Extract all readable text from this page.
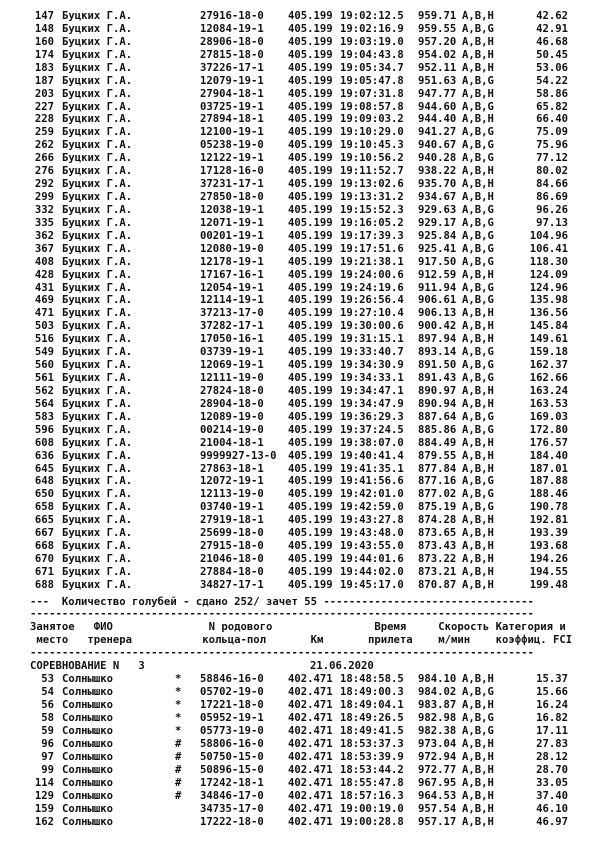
147 Буцких Г.А.	27916-18-0 405.199 19:02:12.5 959.71 A,B,H	42.62
148 Буцких Г.А.	12084-19-1 405.199 19:02:16.9 959.55 A,B,G	42.91
160 Буцких Г.А.	28906-18-0 405.199 19:03:19.0 957.20 A,B,H	46.68
174 Буцких Г.А.	27815-18-0 405.199 19:04:43.8 954.02 A,B,H	50.45
183 Буцких Г.А.	37226-17-1 405.199 19:05:34.7 952.11 A,B,H	53.06
187 Буцких Г.А.	12079-19-1 405.199 19:05:47.8 951.63 A,B,G	54.22
203 Буцких Г.А.	27904-18-1 405.199 19:07:31.8 947.77 A,B,H	58.86
227 Буцких Г.А.	03725-19-1 405.199 19:08:57.8 944.60 A,B,G	65.82
228 Буцких Г.А.	27894-18-1 405.199 19:09:03.2 944.40 A,B,H	66.40
259 Буцких Г.А.	12100-19-1 405.199 19:10:29.0 941.27 A,B,G	75.09
262 Буцких Г.А.	05238-19-0 405.199 19:10:45.3 940.67 A,B,G	75.96
266 Буцких Г.А.	12122-19-1 405.199 19:10:56.2 940.28 A,B,G	77.12
276 Буцких Г.А.	17128-16-0 405.199 19:11:52.7 938.22 A,B,H	80.02
292 Буцких Г.А.	37231-17-1 405.199 19:13:02.6 935.70 A,B,H	84.66
299 Буцких Г.А.	27850-18-0 405.199 19:13:31.2 934.67 A,B,H	86.69
332 Буцких Г.А.	12038-19-1 405.199 19:15:52.3 929.63 A,B,G	96.26
335 Буцких Г.А.	12071-19-1 405.199 19:16:05.2 929.17 A,B,G	97.13
362 Буцких Г.А.	00201-19-1 405.199 19:17:39.3 925.84 A,B,G	104.96
367 Буцких Г.А.	12080-19-0 405.199 19:17:51.6 925.41 A,B,G	106.41
408 Буцких Г.А.	12178-19-1 405.199 19:21:38.1 917.50 A,B,G	118.30
428 Буцких Г.А.	17167-16-1 405.199 19:24:00.6 912.59 A,B,H	124.09
431 Буцких Г.А.	12054-19-1 405.199 19:24:19.6 911.94 A,B,G	124.96
469 Буцких Г.А.	12114-19-1 405.199 19:26:56.4 906.61 A,B,G	135.98
471 Буцких Г.А.	37213-17-0 405.199 19:27:10.4 906.13 A,B,H	136.56
503 Буцких Г.А.	37282-17-1 405.199 19:30:00.6 900.42 A,B,H	145.84
516 Буцких Г.А.	17050-16-1 405.199 19:31:15.1 897.94 A,B,H	149.61
549 Буцких Г.А.	03739-19-1 405.199 19:33:40.7 893.14 A,B,G	159.18
560 Буцких Г.А.	12069-19-1 405.199 19:34:30.9 891.50 A,B,G	162.37
561 Буцких Г.А.	12111-19-0 405.199 19:34:33.1 891.43 A,B,G	162.66
562 Буцких Г.А.	27824-18-0 405.199 19:34:47.1 890.97 A,B,H	163.24
564 Буцких Г.А.	28904-18-0 405.199 19:34:47.9 890.94 A,B,H	163.53
583 Буцких Г.А.	12089-19-0 405.199 19:36:29.3 887.64 A,B,G	169.03
596 Буцких Г.А.	00214-19-0 405.199 19:37:24.5 885.86 A,B,G	172.80
608 Буцких Г.А.	21004-18-1 405.199 19:38:07.0 884.49 A,B,H	176.57
636 Буцких Г.А.	9999927-13-0 405.199 19:40:41.4 879.55 A,B,H	184.40
645 Буцких Г.А.	27863-18-1 405.199 19:41:35.1 877.84 A,B,H	187.01
648 Буцких Г.А.	12072-19-1 405.199 19:41:56.6 877.16 A,B,G	187.88
650 Буцких Г.А.	12113-19-0 405.199 19:42:01.0 877.02 A,B,G	188.46
658 Буцких Г.А.	03740-19-1 405.199 19:42:59.0 875.19 A,B,G	190.78
665 Буцких Г.А.	27919-18-1 405.199 19:43:27.8 874.28 A,B,H	192.81
667 Буцких Г.А.	25699-18-0 405.199 19:43:48.0 873.65 A,B,H	193.39
668 Буцких Г.А.	27915-18-0 405.199 19:43:55.0 873.43 A,B,H	193.68
670 Буцких Г.А.	21046-18-0 405.199 19:44:01.6 873.22 A,B,H	194.26
671 Буцких Г.А.	27884-18-0 405.199 19:44:02.0 873.21 A,B,H	194.55
688 Буцких Г.А.	34827-17-1 405.199 19:45:17.0 870.87 A,B,H	199.48
53 Солнышко	* 58846-16-0 402.471 18:48:58.5 984.10 A,B,H	15.37
54 Солнышко	* 05702-19-0 402.471 18:49:00.3 984.02 A,B,G	15.66
56 Солнышко	* 17221-18-0 402.471 18:49:04.1 983.87 A,B,H	16.24
58 Солнышко	* 05952-19-1 402.471 18:49:26.5 982.98 A,B,G	16.82
59 Солнышко	* 05773-19-0 402.471 18:49:41.5 982.38 A,B,G	17.11
96 Солнышко	# 58806-16-0 402.471 18:53:37.3 973.04 A,B,H	27.83
97 Солнышко	# 50750-15-0 402.471 18:53:39.9 972.94 A,B,H	28.12
99 Солнышко	# 50896-15-0 402.471 18:53:44.2 972.77 A,B,H	28.70
114 Солнышко	# 17242-18-1 402.471 18:55:47.8 967.95 A,B,H	33.05
129 Солнышко	# 34846-17-0 402.471 18:57:16.3 964.53 A,B,H	37.40
159 Солнышко	34735-17-0 402.471 19:00:19.0 957.54 A,B,H	46.10
162 Солнышко	17222-18-0 402.471 19:00:28.8 957.17 A,B,H	46.97

---  Количество голубей - сдано 252/ зачет 55 ---------------------------------

-------------------------------------------------------------------------------

Занятое   ФИО               N родового                Время     Скорость Категория и
место   тренера           кольца-пол       Км       прилета    м/мин    коэффиц. FCI

-------------------------------------------------------------------------------

СОРЕВНОВАНИЕ N   3

	21.06.2020
